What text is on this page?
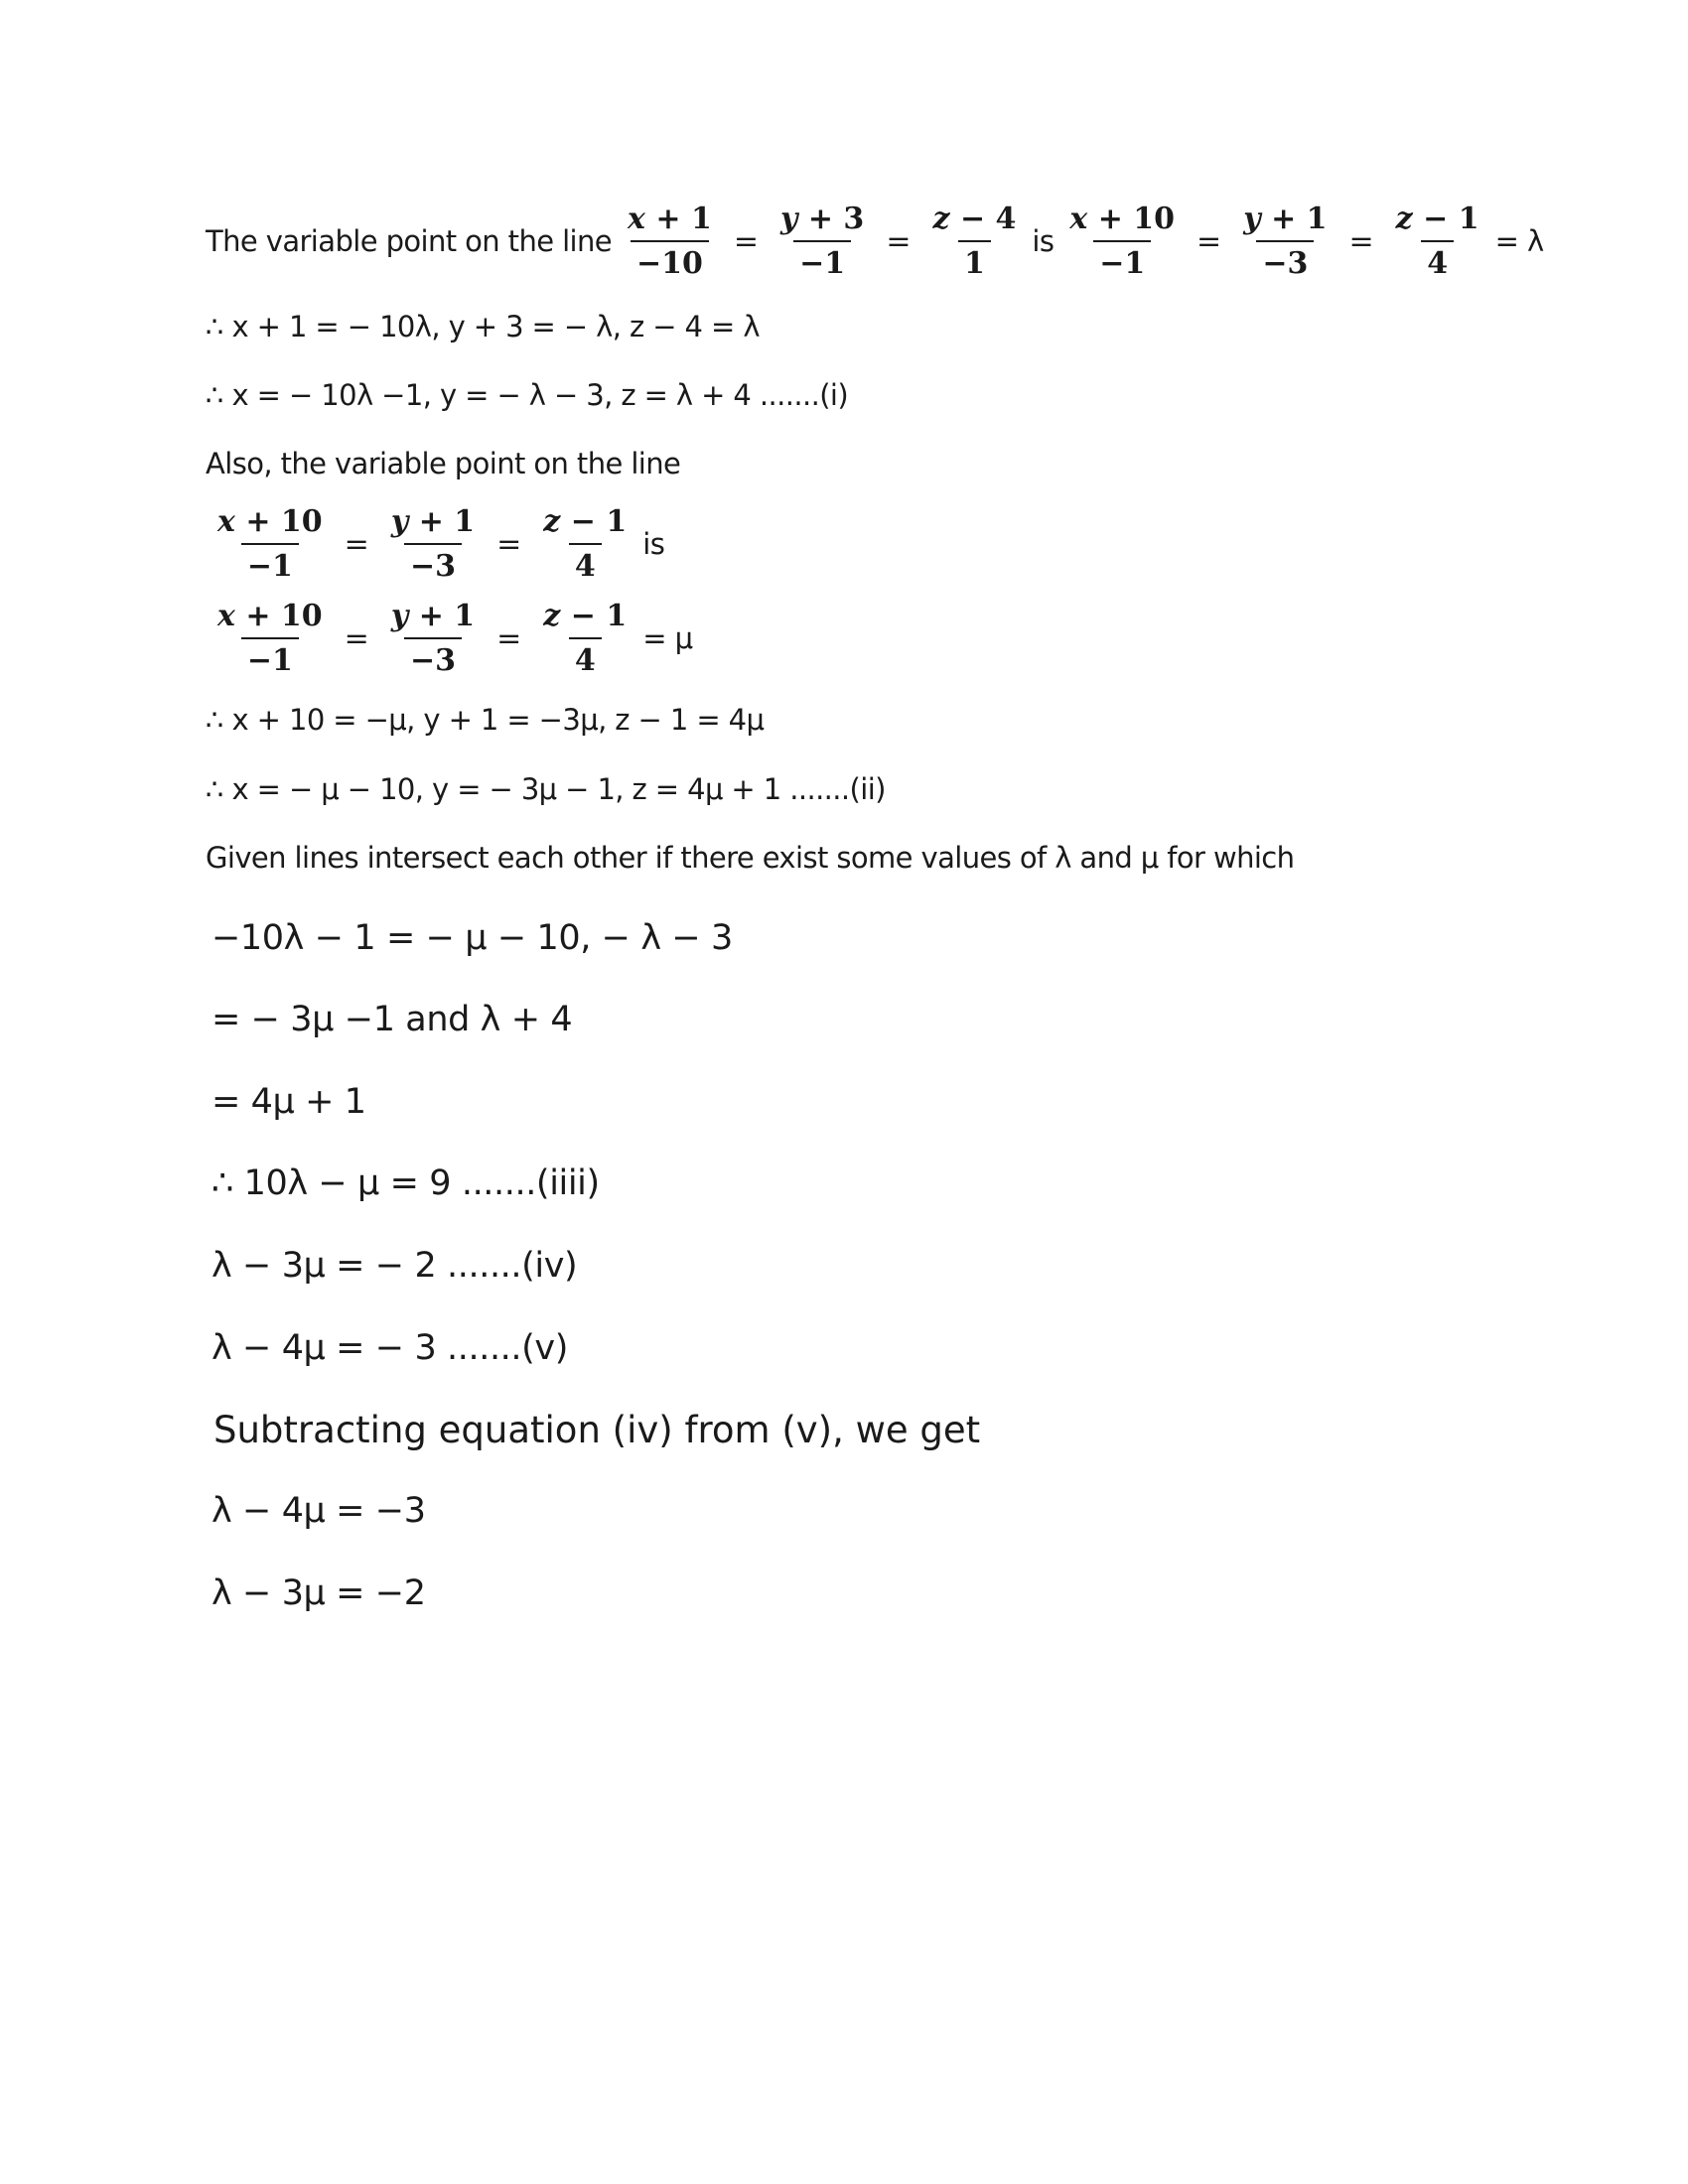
The variable point on the line $\frac{x + 1}{-10} = \frac{y + 3}{-1} = \frac{z - 4}{1}$ is $\frac{x + 10}{-1} = \frac{y + 1}{-3} = \frac{z - 1}{4} = \lambda$
∴ x + 1 = − 10λ, y + 3 = − λ, z − 4 = λ
∴ x = − 10λ −1, y = − λ − 3, z = λ + 4 .......(i)
Also, the variable point on the line
$\frac{x + 10}{-1} = \frac{y + 1}{-3} = \frac{z - 1}{4}$ is
$\frac{x + 10}{-1} = \frac{y + 1}{-3} = \frac{z - 1}{4} = \mu$
∴ x + 10 = −μ, y + 1 = −3μ, z − 1 = 4μ
∴ x = − μ − 10, y = − 3μ − 1, z = 4μ + 1 .......(ii)
Given lines intersect each other if there exist some values of λ and μ for which
−10λ − 1 = − μ − 10, − λ − 3
= − 3μ −1 and λ + 4
= 4μ + 1
∴ 10λ − μ = 9 .......(iiii)
λ − 3μ = − 2 .......(iv)
λ − 4μ = − 3 .......(v)
Subtracting equation (iv) from (v), we get
λ − 4μ = −3
λ − 3μ = −2
